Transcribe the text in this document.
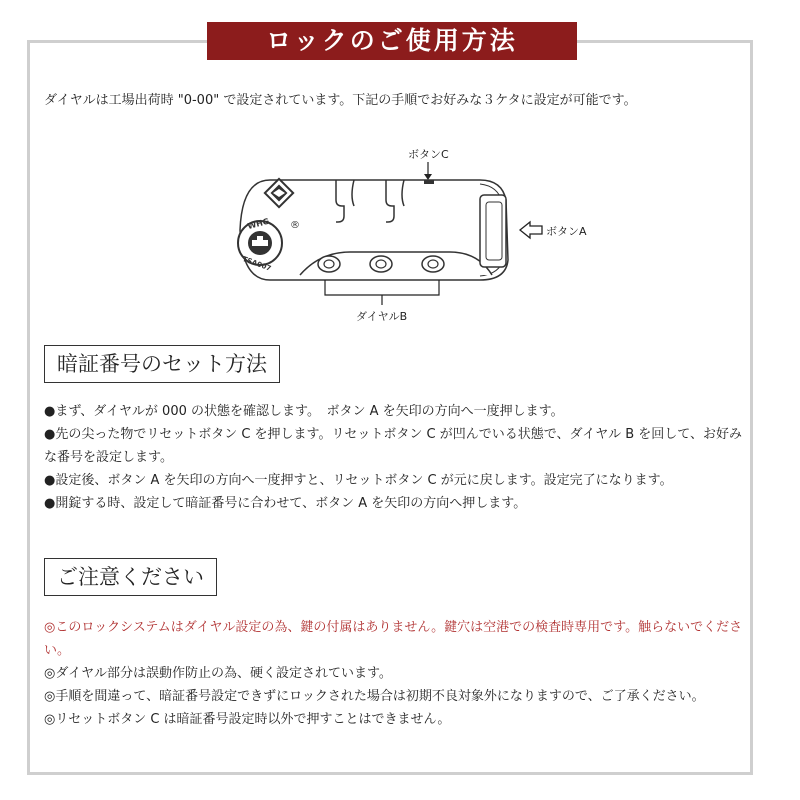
ロックのご使用方法
ダイヤルは工場出荷時 "0-00" で設定されています。下記の手順でお好みな３ケタに設定が可能です。
ボタンC
®
WHG
TSA007
ボタンA
ダイヤルB
暗証番号のセット方法
●まず、ダイヤルが 000 の状態を確認します。　ボタン A を矢印の方向へ一度押します。
●先の尖った物でリセットボタン C を押します。リセットボタン C が凹んでいる状態で、ダイヤル B を回して、お好みな番号を設定します。
●設定後、ボタン A を矢印の方向へ一度押すと、リセットボタン C が元に戻します。設定完了になります。
●開錠する時、設定して暗証番号に合わせて、ボタン A を矢印の方向へ押します。
ご注意ください
◎このロックシステムはダイヤル設定の為、鍵の付属はありません。鍵穴は空港での検査時専用です。触らないでください。
◎ダイヤル部分は誤動作防止の為、硬く設定されています。
◎手順を間違って、暗証番号設定できずにロックされた場合は初期不良対象外になりますので、ご了承ください。
◎リセットボタン C は暗証番号設定時以外で押すことはできません。
